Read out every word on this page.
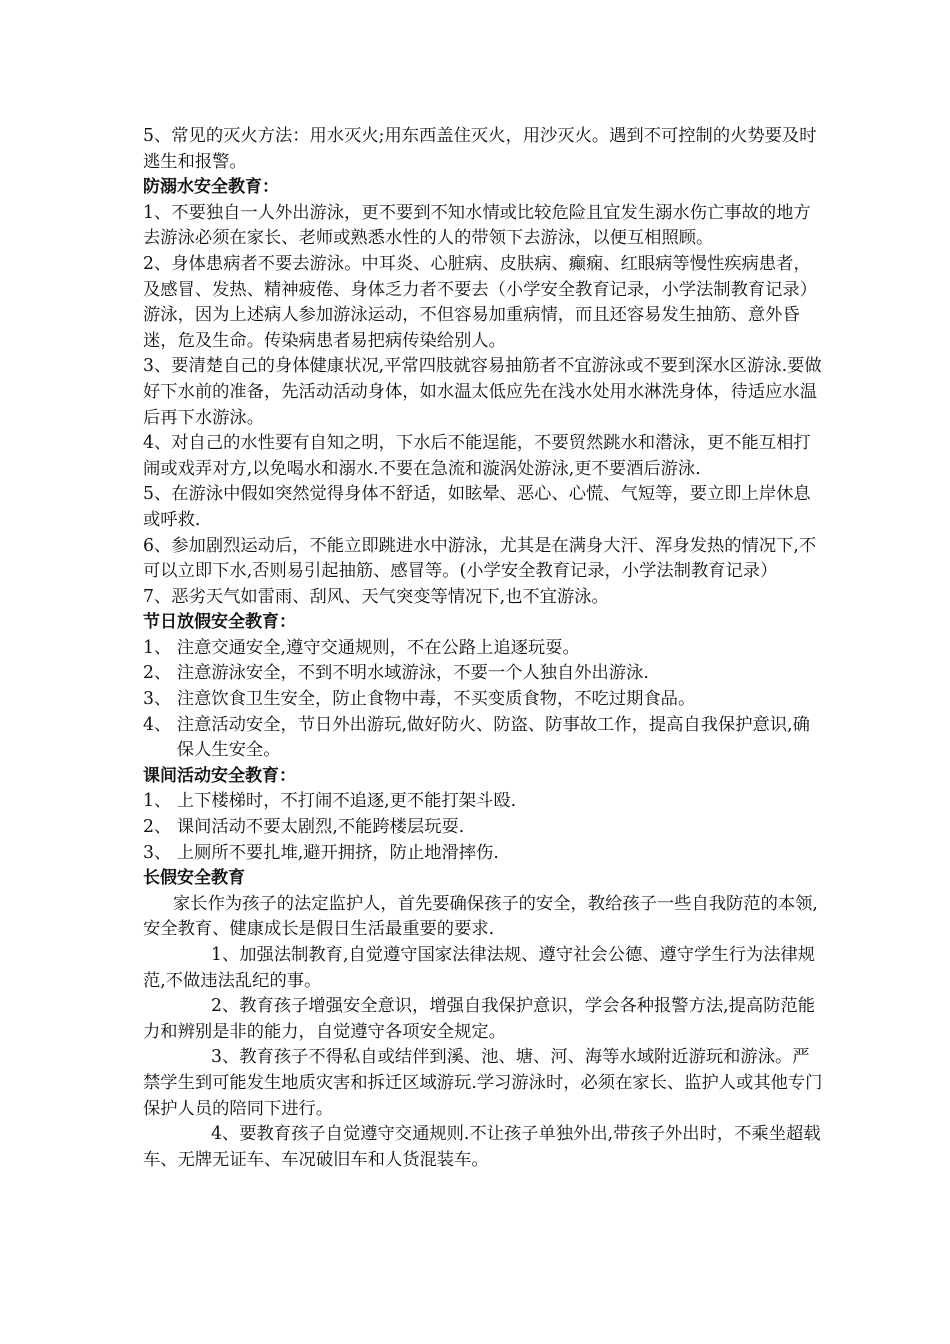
5、常见的灭火方法：用水灭火;用东西盖住灭火，用沙灭火。遇到不可控制的火势要及时逃生和报警。

防溺水安全教育：

1、不要独自一人外出游泳，更不要到不知水情或比较危险且宜发生溺水伤亡事故的地方去游泳必须在家长、老师或熟悉水性的人的带领下去游泳，以便互相照顾。

2、身体患病者不要去游泳。中耳炎、心脏病、皮肤病、癫痫、红眼病等慢性疾病患者，及感冒、发热、精神疲倦、身体乏力者不要去（小学安全教育记录，小学法制教育记录）游泳，因为上述病人参加游泳运动，不但容易加重病情，而且还容易发生抽筋、意外昏迷，危及生命。传染病患者易把病传染给别人。

3、要清楚自己的身体健康状况,平常四肢就容易抽筋者不宜游泳或不要到深水区游泳.要做好下水前的准备，先活动活动身体，如水温太低应先在浅水处用水淋洗身体，待适应水温后再下水游泳。

4、对自己的水性要有自知之明，下水后不能逞能，不要贸然跳水和潜泳，更不能互相打闹或戏弄对方,以免喝水和溺水.不要在急流和漩涡处游泳,更不要酒后游泳.

5、在游泳中假如突然觉得身体不舒适，如眩晕、恶心、心慌、气短等，要立即上岸休息或呼救.

6、参加剧烈运动后，不能立即跳进水中游泳，尤其是在满身大汗、浑身发热的情况下,不可以立即下水,否则易引起抽筋、感冒等。(小学安全教育记录，小学法制教育记录）

7、恶劣天气如雷雨、刮风、天气突变等情况下,也不宜游泳。

节日放假安全教育：

1、 注意交通安全,遵守交通规则，不在公路上追逐玩耍。
2、 注意游泳安全，不到不明水域游泳，不要一个人独自外出游泳.
3、 注意饮食卫生安全，防止食物中毒，不买变质食物，不吃过期食品。
4、 注意活动安全，节日外出游玩,做好防火、防盗、防事故工作，提高自我保护意识,确保人生安全。

课间活动安全教育：

1、 上下楼梯时，不打闹不追逐,更不能打架斗殴.
2、 课间活动不要太剧烈,不能跨楼层玩耍.
3、 上厕所不要扎堆,避开拥挤，防止地滑摔伤.

长假安全教育

家长作为孩子的法定监护人，首先要确保孩子的安全，教给孩子一些自我防范的本领,安全教育、健康成长是假日生活最重要的要求.

1、加强法制教育,自觉遵守国家法律法规、遵守社会公德、遵守学生行为法律规范,不做违法乱纪的事。

2、教育孩子增强安全意识，增强自我保护意识，学会各种报警方法,提高防范能力和辨别是非的能力，自觉遵守各项安全规定。

3、教育孩子不得私自或结伴到溪、池、塘、河、海等水域附近游玩和游泳。严禁学生到可能发生地质灾害和拆迁区域游玩.学习游泳时，必须在家长、监护人或其他专门保护人员的陪同下进行。

4、要教育孩子自觉遵守交通规则.不让孩子单独外出,带孩子外出时，不乘坐超载车、无牌无证车、车况破旧车和人货混装车。
